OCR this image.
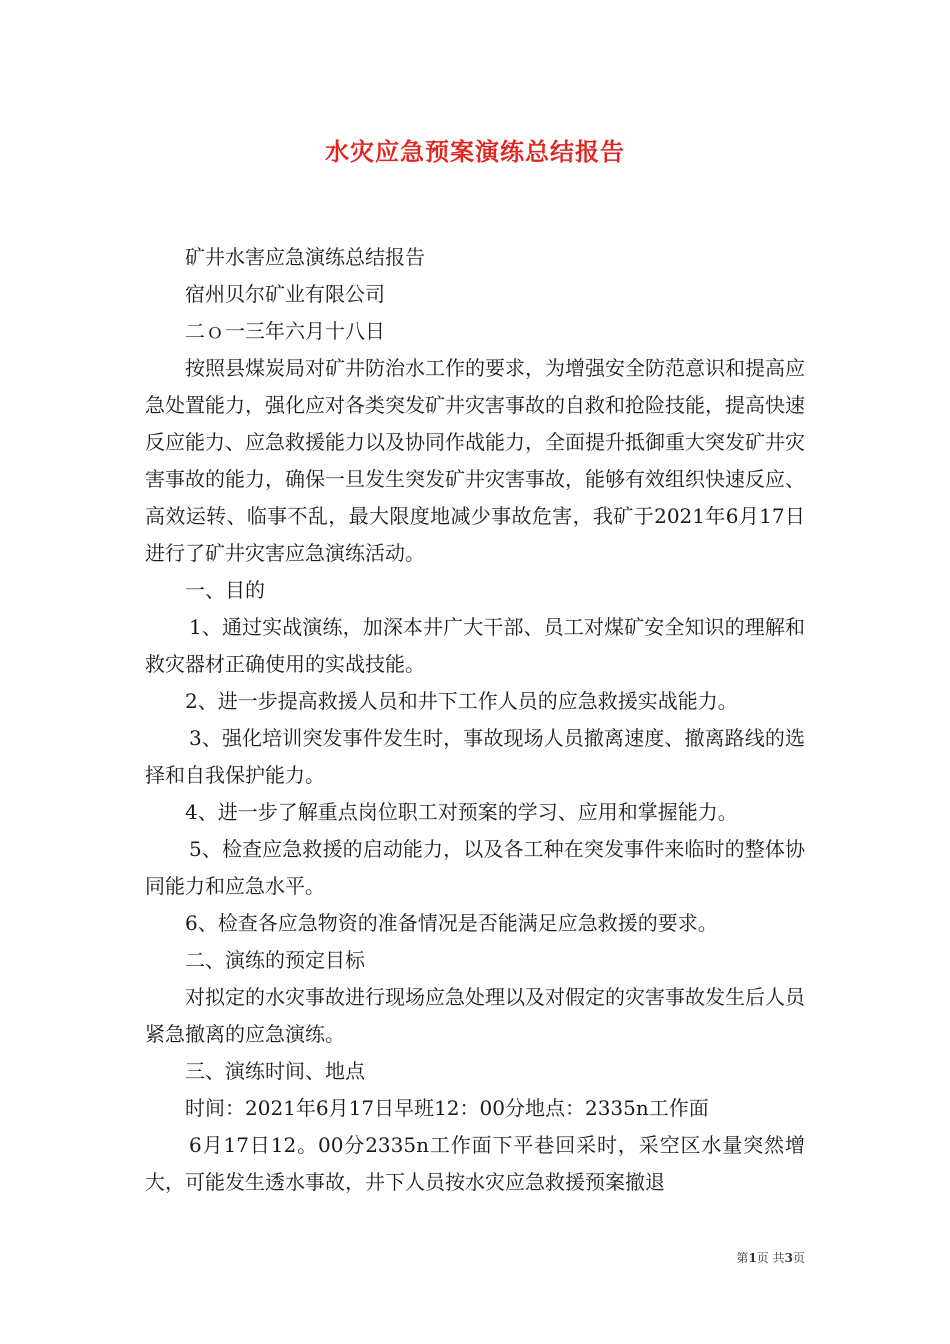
水灾应急预案演练总结报告

矿井水害应急演练总结报告

宿州贝尔矿业有限公司

二ｏ一三年六月十八日

按照县煤炭局对矿井防治水工作的要求，为增强安全防范意识和提高应急处置能力，强化应对各类突发矿井灾害事故的自救和抢险技能，提高快速反应能力、应急救援能力以及协同作战能力，全面提升抵御重大突发矿井灾害事故的能力，确保一旦发生突发矿井灾害事故，能够有效组织快速反应、高效运转、临事不乱，最大限度地减少事故危害，我矿于2021年6月17日进行了矿井灾害应急演练活动。

一、目的

1、通过实战演练，加深本井广大干部、员工对煤矿安全知识的理解和救灾器材正确使用的实战技能。

2、进一步提高救援人员和井下工作人员的应急救援实战能力。

3、强化培训突发事件发生时，事故现场人员撤离速度、撤离路线的选择和自我保护能力。

4、进一步了解重点岗位职工对预案的学习、应用和掌握能力。

5、检查应急救援的启动能力，以及各工种在突发事件来临时的整体协同能力和应急水平。

6、检查各应急物资的准备情况是否能满足应急救援的要求。

二、演练的预定目标

对拟定的水灾事故进行现场应急处理以及对假定的灾害事故发生后人员紧急撤离的应急演练。

三、演练时间、地点

时间：2021年6月17日早班12：00分地点：2335n工作面

6月17日12。00分2335n工作面下平巷回采时，采空区水量突然增大，可能发生透水事故，井下人员按水灾应急救援预案撤退

第1页 共3页
